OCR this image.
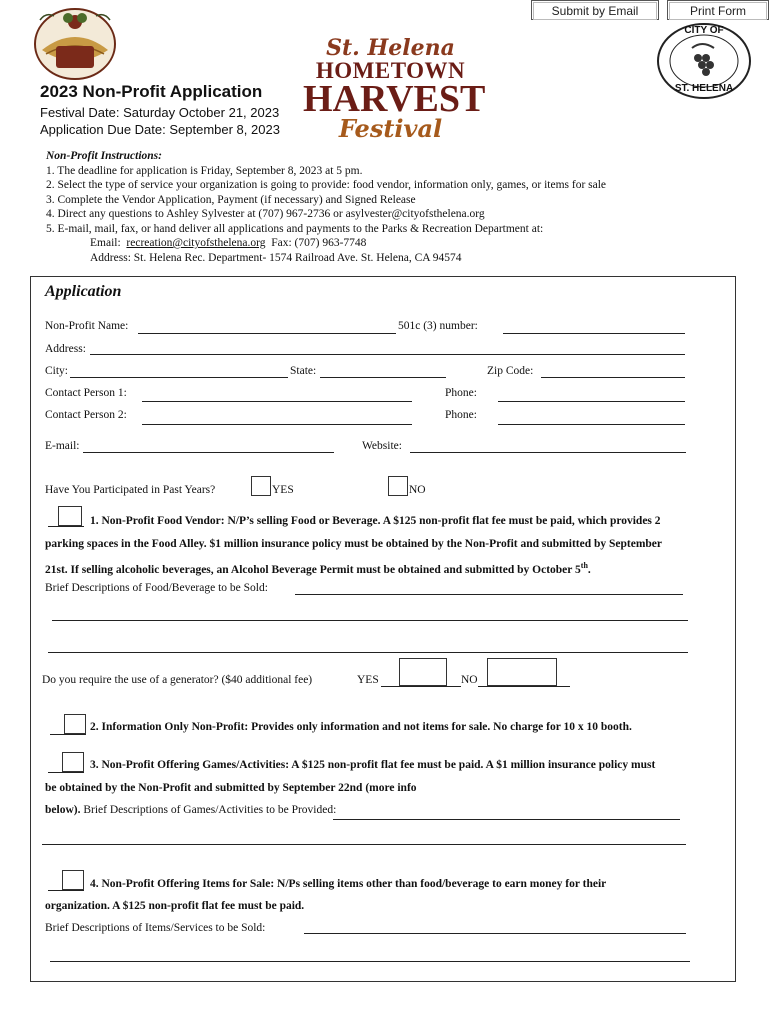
Submit by Email	Print Form
2023 Non-Profit Application
Festival Date: Saturday October 21, 2023
Application Due Date: September 8, 2023
St. Helena
HOMETOWN
HARVEST
Festival
CITY OF
ST. HELENA
Non-Profit Instructions:
1. The deadline for application is Friday, September 8, 2023 at 5 pm.
2. Select the type of service your organization is going to provide: food vendor, information only, games, or items for sale
3. Complete the Vendor Application, Payment (if necessary) and Signed Release
4. Direct any questions to Ashley Sylvester at (707) 967-2736 or asylvester@cityofsthelena.org
5. E-mail, mail, fax, or hand deliver all applications and payments to the Parks & Recreation Department at:
Email: recreation@cityofsthelena.org Fax: (707) 963-7748
Address: St. Helena Rec. Department- 1574 Railroad Ave. St. Helena, CA 94574
Application
Non-Profit Name:	501c (3) number:
Address:
City:	State:	Zip Code:
Contact Person 1:	Phone:
Contact Person 2:	Phone:
E-mail:	Website:
Have You Participated in Past Years?	YES	NO
1. Non-Profit Food Vendor: N/P’s selling Food or Beverage. A $125 non-profit flat fee must be paid, which provides 2
parking spaces in the Food Alley. $1 million insurance policy must be obtained by the Non-Profit and submitted by September
21st. If selling alcoholic beverages, an Alcohol Beverage Permit must be obtained and submitted by October 5th.
Brief Descriptions of Food/Beverage to be Sold:
Do you require the use of a generator? ($40 additional fee)	YES	NO
2. Information Only Non-Profit: Provides only information and not items for sale. No charge for 10 x 10 booth.
3. Non-Profit Offering Games/Activities: A $125 non-profit flat fee must be paid. A $1 million insurance policy must
be obtained by the Non-Profit and submitted by September 22nd (more info
below). Brief Descriptions of Games/Activities to be Provided:
4. Non-Profit Offering Items for Sale: N/Ps selling items other than food/beverage to earn money for their
organization. A $125 non-profit flat fee must be paid.
Brief Descriptions of Items/Services to be Sold:
